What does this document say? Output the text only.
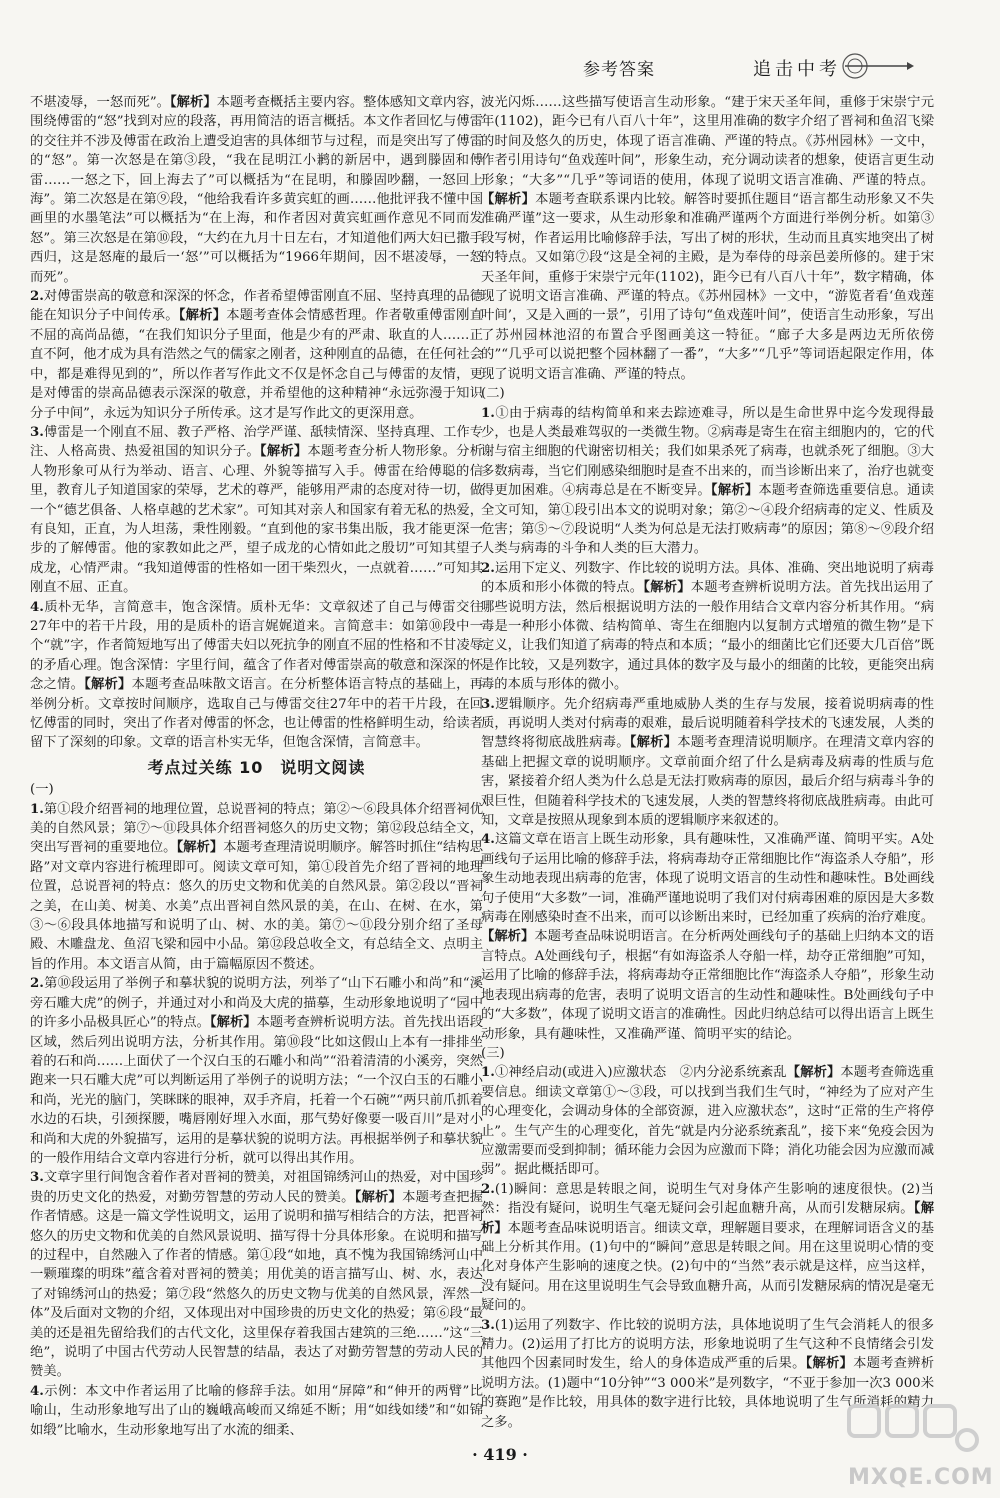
参考答案	追击中考

不堪凌辱，一怒而死”。【解析】本题考查概括主要内容。整体感知文章内容，围绕傅雷的“怒”找到对应的段落，再用简洁的语言概括。本文作者回忆与傅雷的交往并不涉及傅雷在政治上遭受迫害的具体细节与过程，而是突出写了傅雷的“怒”。第一次怒是在第③段，“我在昆明江小鹣的新居中，遇到滕固和傅雷……一怒之下，回上海去了”可以概括为“在昆明，和滕固吵翻，一怒回上海”。第二次怒是在第⑨段，“他给我看许多黄宾虹的画……他批评我不懂中国画里的水墨笔法”可以概括为“在上海，和作者因对黄宾虹画作意见不同而发怒”。第三次怒是在第⑩段，“大约在九月十日左右，才知道他们两大妇已撒手西归，这是怒庵的最后一‘怒’”可以概括为“1966年期间，因不堪凌辱，一怒而死”。

2.对傅雷崇高的敬意和深深的怀念，作者希望傅雷刚直不屈、坚持真理的品德能在知识分子中间传承。【解析】本题考查体会情感哲理。作者敬重傅雷刚直不屈的高尚品德，“在我们知识分子里面，他是少有的严肃、耿直的人……正直不阿，他才成为具有浩然之气的儒家之刚者，这种刚直的品德，在任何社会中，都是难得见到的”，所以作者写作此文不仅是怀念自己与傅雷的友情，更是对傅雷的崇高品德表示深深的敬意，并希望他的这种精神“永远弥漫于知识分子中间”，永远为知识分子所传承。这才是写作此文的更深用意。

3.傅雷是一个刚直不屈、教子严格、治学严谨、舐犊情深、坚持真理、工作专注、人格高贵、热爱祖国的知识分子。【解析】本题考查分析人物形象。分析人物形象可从行为举动、语言、心理、外貌等描写入手。傅雷在给傅聪的信里，教育儿子知道国家的荣辱，艺术的尊严，能够用严肃的态度对待一切，做一个“德艺俱备、人格卓越的艺术家”。可知其对亲人和国家有着无私的热爱，有良知，正直，为人坦荡，秉性刚毅。“直到他的家书集出版，我才能更深一步的了解傅雷。他的家教如此之严，望子成龙的心情如此之殷切”可知其望子成龙，心情严肃。“我知道傅雷的性格如一团干柴烈火，一点就着……”可知其刚直不屈、正直。

4.质朴无华，言简意丰，饱含深情。质朴无华：文章叙述了自己与傅雷交往27年中的若干片段，用的是质朴的语言娓娓道来。言简意丰：如第⑩段中一个“就”字，作者简短地写出了傅雷夫妇以死抗争的刚直不屈的性格和不甘凌辱的矛盾心理。饱含深情：字里行间，蕴含了作者对傅雷崇高的敬意和深深的怀念之情。【解析】本题考查品味散文语言。在分析整体语言特点的基础上，再举例分析。文章按时间顺序，选取自己与傅雷交往27年中的若干片段，在回忆傅雷的同时，突出了作者对傅雷的怀念，也让傅雷的性格鲜明生动，给读者留下了深刻的印象。文章的语言朴实无华，但饱含深情，言简意丰。

考点过关练 10　说明文阅读

(一)

1.第①段介绍晋祠的地理位置，总说晋祠的特点；第②～⑥段具体介绍晋祠优美的自然风景；第⑦～⑪段具体介绍晋祠悠久的历史文物；第⑫段总结全文，突出写晋祠的重要地位。【解析】本题考查理清说明顺序。解答时抓住“结构思路”对文章内容进行梳理即可。阅读文章可知，第①段首先介绍了晋祠的地理位置，总说晋祠的特点：悠久的历史文物和优美的自然风景。第②段以“晋祠之美，在山美、树美、水美”点出晋祠自然风景的美，在山、在树、在水，第③～⑥段具体地描写和说明了山、树、水的美。第⑦～⑪段分别介绍了圣母殿、木雕盘龙、鱼沼飞梁和园中小品。第⑫段总收全文，有总结全文、点明主旨的作用。本文语言从简，由于篇幅原因不赘述。

2.第⑩段运用了举例子和摹状貌的说明方法，列举了“山下石雕小和尚”和“溪旁石雕大虎”的例子，并通过对小和尚及大虎的描摹，生动形象地说明了“园中的许多小品极具匠心”的特点。【解析】本题考查辨析说明方法。首先找出语段区域，然后列出说明方法，分析其作用。第⑩段“比如这假山上本有一排排坐着的石和尚……上面伏了一个汉白玉的石雕小和尚”“沿着清清的小溪旁，突然跑来一只石雕大虎”可以判断运用了举例子的说明方法；“一个汉白玉的石雕小和尚，光光的脑门，笑眯眯的眼神，双手齐肩，托着一个石碗”“两只前爪抓着水边的石块，引颈探腰，嘴唇刚好埋入水面，那气势好像要一吸百川”是对小和尚和大虎的外貌描写，运用的是摹状貌的说明方法。再根据举例子和摹状貌的一般作用结合文章内容进行分析，就可以得出其作用。

3.文章字里行间饱含着作者对晋祠的赞美，对祖国锦绣河山的热爱，对中国珍贵的历史文化的热爱，对勤劳智慧的劳动人民的赞美。【解析】本题考查把握作者情感。这是一篇文学性说明文，运用了说明和描写相结合的方法，把晋祠悠久的历史文物和优美的自然风景说明、描写得十分具体形象。在说明和描写的过程中，自然融入了作者的情感。第①段“如地，真不愧为我国锦绣河山中一颗璀璨的明珠”蕴含着对晋祠的赞美；用优美的语言描写山、树、水，表达了对锦绣河山的热爱；第⑦段“然悠久的历史文物与优美的自然风景，浑然一体”及后面对文物的介绍，又体现出对中国珍贵的历史文化的热爱；第⑥段“最美的还是祖先留给我们的古代文化，这里保存着我国古建筑的三绝……”这“三绝”，说明了中国古代劳动人民智慧的结晶，表达了对勤劳智慧的劳动人民的赞美。

4.示例：本文中作者运用了比喻的修辞手法。如用“屏障”和“伸开的两臂”比喻山，生动形象地写出了山的巍峨高峻而又绵延不断；用“如线如缕”和“如锦如缎”比喻水，生动形象地写出了水流的细柔、

波光闪烁……这些描写使语言生动形象。“建于宋天圣年间，重修于宋崇宁元年(1102)，距今已有八百八十年”，这里用准确的数字介绍了晋祠和鱼沼飞梁的时间及悠久的历史，体现了语言准确、严谨的特点。《苏州园林》一文中，作者引用诗句“鱼戏莲叶间”，形象生动，充分调动读者的想象，使语言更生动形象；“大多”“几乎”等词语的使用，体现了说明文语言准确、严谨的特点。【解析】本题考查联系课内比较。解答时要抓住题目“语言都生动形象又不失准确严谨”这一要求，从生动形象和准确严谨两个方面进行举例分析。如第③段写树，作者运用比喻修辞手法，写出了树的形状，生动而且真实地突出了树的特点。又如第⑦段“这是全祠的主殿，是为奉侍的母亲邑姜所修的。建于宋天圣年间，重修于宋崇宁元年(1102)，距今已有八百八十年”，数字精确，体现了说明文语言准确、严谨的特点。《苏州园林》一文中，“游览者看‘鱼戏莲叶间’，又是入画的一景”，引用了诗句“鱼戏莲叶间”，使语言生动形象，写出了苏州园林池沼的布置合乎图画美这一特征。“廊子大多是两边无所依傍的”“几乎可以说把整个园林翻了一番”，“大多”“几乎”等词语起限定作用，体现了说明文语言准确、严谨的特点。

(二)

1.①由于病毒的结构简单和来去踪迹难寻，所以是生命世界中迄今发现得最少，也是人类最难驾驭的一类微生物。②病毒是寄生在宿主细胞内的，它的代谢与宿主细胞的代谢密切相关；我们如果杀死了病毒，也就杀死了细胞。③大多数病毒，当它们刚感染细胞时是查不出来的，而当诊断出来了，治疗也就变得更加困难。④病毒总是在不断变异。【解析】本题考查筛选重要信息。通读全文可知，第①段引出本文的说明对象；第②～④段介绍病毒的定义、性质及危害；第⑤～⑦段说明“人类为何总是无法打败病毒”的原因；第⑧～⑨段介绍人类与病毒的斗争和人类的巨大潜力。

2.运用下定义、列数字、作比较的说明方法。具体、准确、突出地说明了病毒的本质和形小体微的特点。【解析】本题考查辨析说明方法。首先找出运用了哪些说明方法，然后根据说明方法的一般作用结合文章内容分析其作用。“病毒是一种形小体微、结构简单、寄生在细胞内以复制方式增殖的微生物”是下定义，让我们知道了病毒的特点和本质；“最小的细菌比它们还要大几百倍”既是作比较，又是列数字，通过具体的数字及与最小的细菌的比较，更能突出病毒的本质与形体的微小。

3.逻辑顺序。先介绍病毒严重地威胁人类的生存与发展，接着说明病毒的性质，再说明人类对付病毒的艰难，最后说明随着科学技术的飞速发展，人类的智慧终将彻底战胜病毒。【解析】本题考查理清说明顺序。在理清文章内容的基础上把握文章的说明顺序。文章前面介绍了什么是病毒及病毒的性质与危害，紧接着介绍人类为什么总是无法打败病毒的原因，最后介绍与病毒斗争的艰巨性，但随着科学技术的飞速发展，人类的智慧终将彻底战胜病毒。由此可知，文章是按照从现象到本质的逻辑顺序来叙述的。

4.这篇文章在语言上既生动形象，具有趣味性，又准确严谨、简明平实。A处画线句子运用比喻的修辞手法，将病毒劫夺正常细胞比作“海盗杀人夺船”，形象生动地表现出病毒的危害，体现了说明文语言的生动性和趣味性。B处画线句子使用“大多数”一词，准确严谨地说明了我们对付病毒困难的原因是大多数病毒在刚感染时查不出来，而可以诊断出来时，已经加重了疾病的治疗难度。【解析】本题考查品味说明语言。在分析两处画线句子的基础上归纳本文的语言特点。A处画线句子，根据“有如海盗杀人夺船一样，劫夺正常细胞”可知，运用了比喻的修辞手法，将病毒劫夺正常细胞比作“海盗杀人夺船”，形象生动地表现出病毒的危害，表明了说明文语言的生动性和趣味性。B处画线句子中的“大多数”，体现了说明文语言的准确性。因此归纳总结可以得出语言上既生动形象，具有趣味性，又准确严谨、简明平实的结论。

(三)

1.①神经启动(或进入)应激状态　②内分泌系统紊乱【解析】本题考查筛选重要信息。细读文章第①～③段，可以找到当我们生气时，“神经为了应对产生的心理变化，会调动身体的全部资源，进入应激状态”，这时“正常的生产将停止”。生气产生的心理变化，首先“就是内分泌系统紊乱”，接下来“免疫会因为应激需要而受到抑制；循环能力会因为应激而下降；消化功能会因为应激而减弱”。据此概括即可。

2.(1)瞬间：意思是转眼之间，说明生气对身体产生影响的速度很快。(2)当然：指没有疑问，说明生气毫无疑问会引起血糖升高，从而引发糖尿病。【解析】本题考查品味说明语言。细读文章，理解题目要求，在理解词语含义的基础上分析其作用。(1)句中的“瞬间”意思是转眼之间。用在这里说明心情的变化对身体产生影响的速度之快。(2)句中的“当然”表示就是这样，应当这样，没有疑问。用在这里说明生气会导致血糖升高，从而引发糖尿病的情况是毫无疑问的。

3.(1)运用了列数字、作比较的说明方法，具体地说明了生气会消耗人的很多精力。(2)运用了打比方的说明方法，形象地说明了生气这种不良情绪会引发其他四个因素同时发生，给人的身体造成严重的后果。【解析】本题考查辨析说明方法。(1)题中“10分钟”“3 000米”是列数字，“不亚于参加一次3 000米的赛跑”是作比较，用具体的数字进行比较，具体地说明了生气所消耗的精力之多。

· 419 ·
MXQE.COM
